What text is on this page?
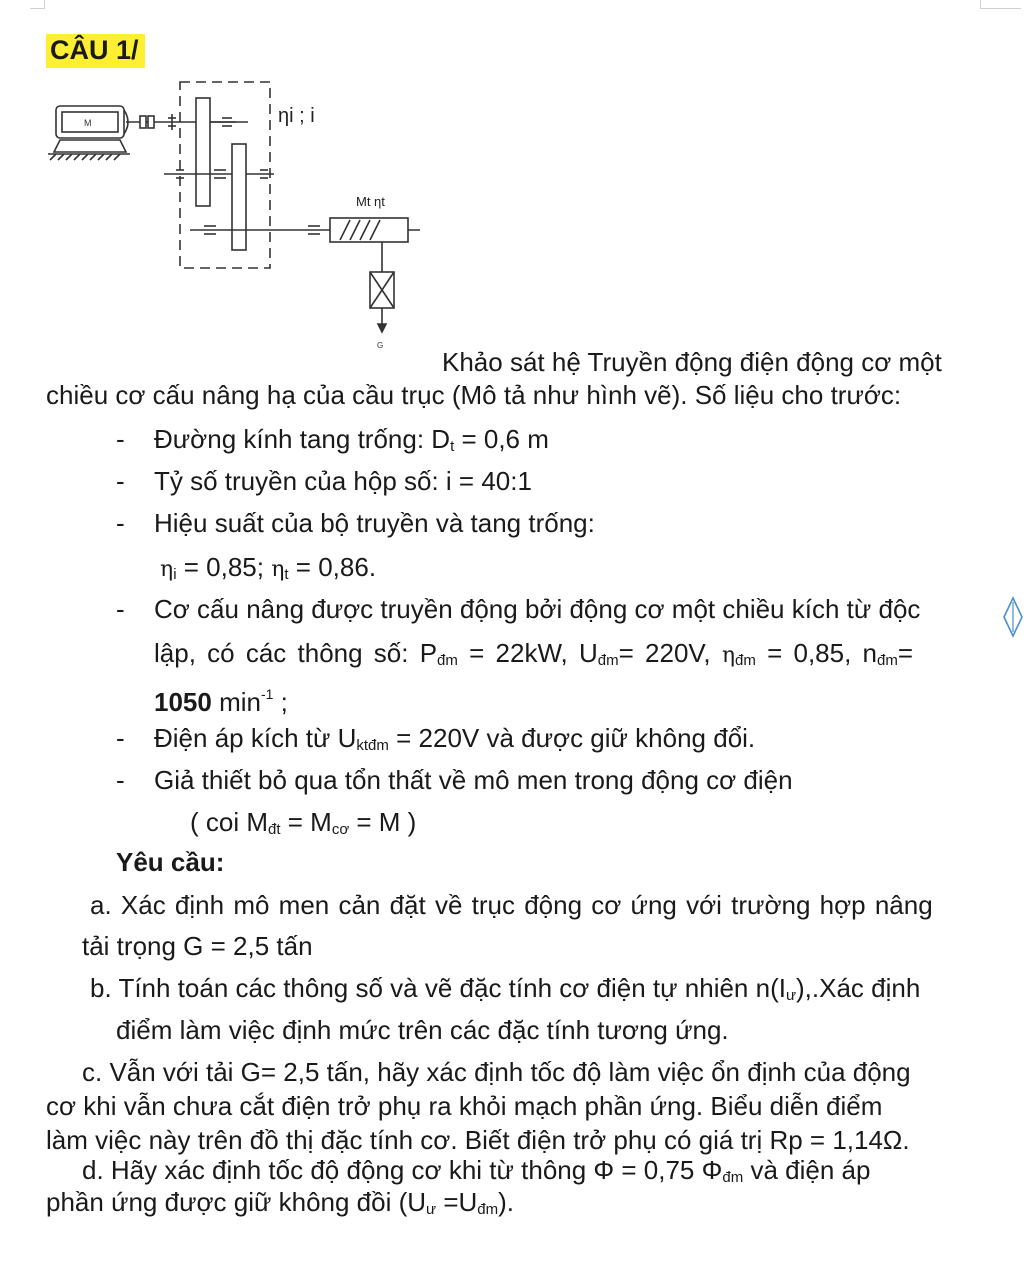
CÂU 1/
M	ηi ; i
Mt ηt
G
Khảo sát hệ Truyền động điện động cơ một
chiều cơ cấu nâng hạ của cầu trục (Mô tả như hình vẽ). Số liệu cho trước:
- Đường kính tang trống: $D_t = 0,6$ m
- Tỷ số truyền của hộp số: i = 40:1
- Hiệu suất của bộ truyền và tang trống:
$\eta_i = 0,85$; $\eta_t = 0,86$.
- Cơ cấu nâng được truyền động bởi động cơ một chiều kích từ độc
lập, có các thông số: $P_{đm} = 22kW$, $U_{đm}= 220V$, $\eta_{đm} = 0,85$, $n_{đm}=$
1050 $\min^{-1}$ ;
- Điện áp kích từ $U_{ktđm} = 220V$ và được giữ không đổi.
- Giả thiết bỏ qua tổn thất về mô men trong động cơ điện
( coi $M_{đt} = M_{cơ} = M$ )
Yêu cầu:
a. Xác định mô men cản đặt về trục động cơ ứng với trường hợp nâng
tải trọng G = 2,5 tấn
b. Tính toán các thông số và vẽ đặc tính cơ điện tự nhiên $n(I_ư),.Xác$ định
điểm làm việc định mức trên các đặc tính tương ứng.
c. Vẫn với tải G= 2,5 tấn, hãy xác định tốc độ làm việc ổn định của động
cơ khi vẫn chưa cắt điện trở phụ ra khỏi mạch phần ứng. Biểu diễn điểm
làm việc này trên đồ thị đặc tính cơ. Biết điện trở phụ có giá trị Rp = 1,14Ω.
d. Hãy xác định tốc độ động cơ khi từ thông Φ = 0,75 $\Phi_{đm}$ và điện áp
phần ứng được giữ không đồi $(U_ư =U_{đm})$.
